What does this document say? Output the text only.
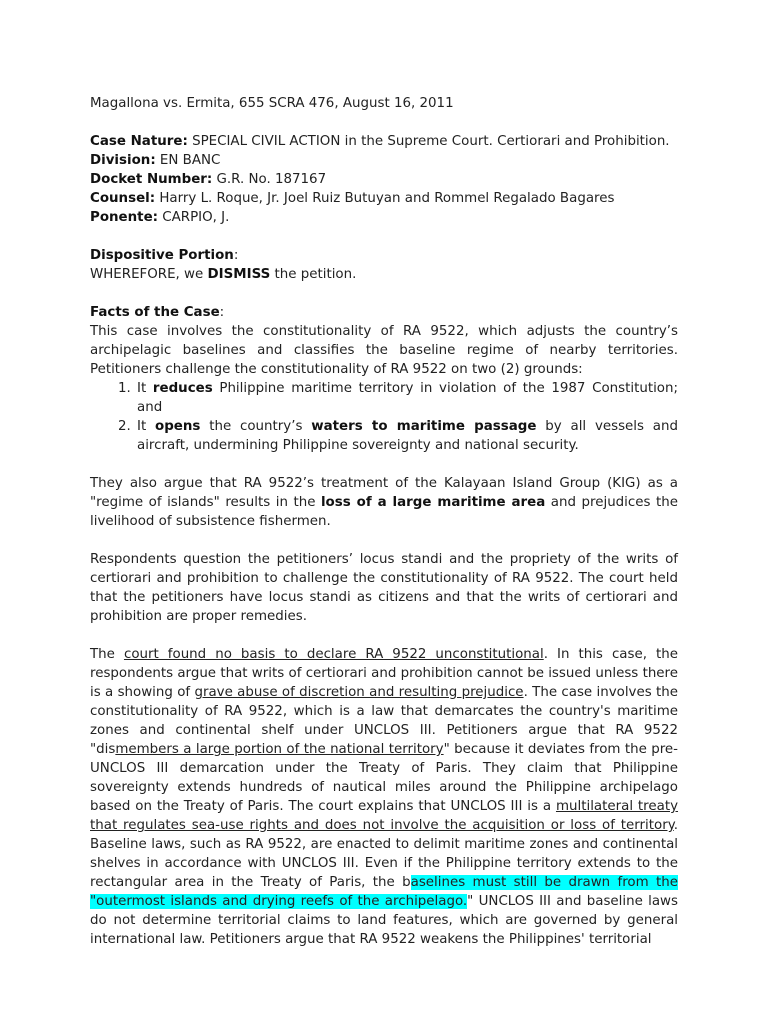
Magallona vs. Ermita, 655 SCRA 476, August 16, 2011

Case Nature: SPECIAL CIVIL ACTION in the Supreme Court. Certiorari and Prohibition.

Division: EN BANC

Docket Number: G.R. No. 187167

Counsel: Harry L. Roque, Jr. Joel Ruiz Butuyan and Rommel Regalado Bagares

Ponente: CARPIO, J.

Dispositive Portion:

WHEREFORE, we DISMISS the petition.

Facts of the Case:

This case involves the constitutionality of RA 9522, which adjusts the country’s archipelagic baselines and classifies the baseline regime of nearby territories. Petitioners challenge the constitutionality of RA 9522 on two (2) grounds:

1. It reduces Philippine maritime territory in violation of the 1987 Constitution; and
2. It opens the country’s waters to maritime passage by all vessels and aircraft, undermining Philippine sovereignty and national security.

They also argue that RA 9522’s treatment of the Kalayaan Island Group (KIG) as a "regime of islands" results in the loss of a large maritime area and prejudices the livelihood of subsistence fishermen.

Respondents question the petitioners’ locus standi and the propriety of the writs of certiorari and prohibition to challenge the constitutionality of RA 9522. The court held that the petitioners have locus standi as citizens and that the writs of certiorari and prohibition are proper remedies.

The court found no basis to declare RA 9522 unconstitutional. In this case, the respondents argue that writs of certiorari and prohibition cannot be issued unless there is a showing of grave abuse of discretion and resulting prejudice. The case involves the constitutionality of RA 9522, which is a law that demarcates the country's maritime zones and continental shelf under UNCLOS III. Petitioners argue that RA 9522 "dismembers a large portion of the national territory" because it deviates from the pre-UNCLOS III demarcation under the Treaty of Paris. They claim that Philippine sovereignty extends hundreds of nautical miles around the Philippine archipelago based on the Treaty of Paris. The court explains that UNCLOS III is a multilateral treaty that regulates sea-use rights and does not involve the acquisition or loss of territory. Baseline laws, such as RA 9522, are enacted to delimit maritime zones and continental shelves in accordance with UNCLOS III. Even if the Philippine territory extends to the rectangular area in the Treaty of Paris, the baselines must still be drawn from the "outermost islands and drying reefs of the archipelago." UNCLOS III and baseline laws do not determine territorial claims to land features, which are governed by general international law. Petitioners argue that RA 9522 weakens the Philippines' territorial
